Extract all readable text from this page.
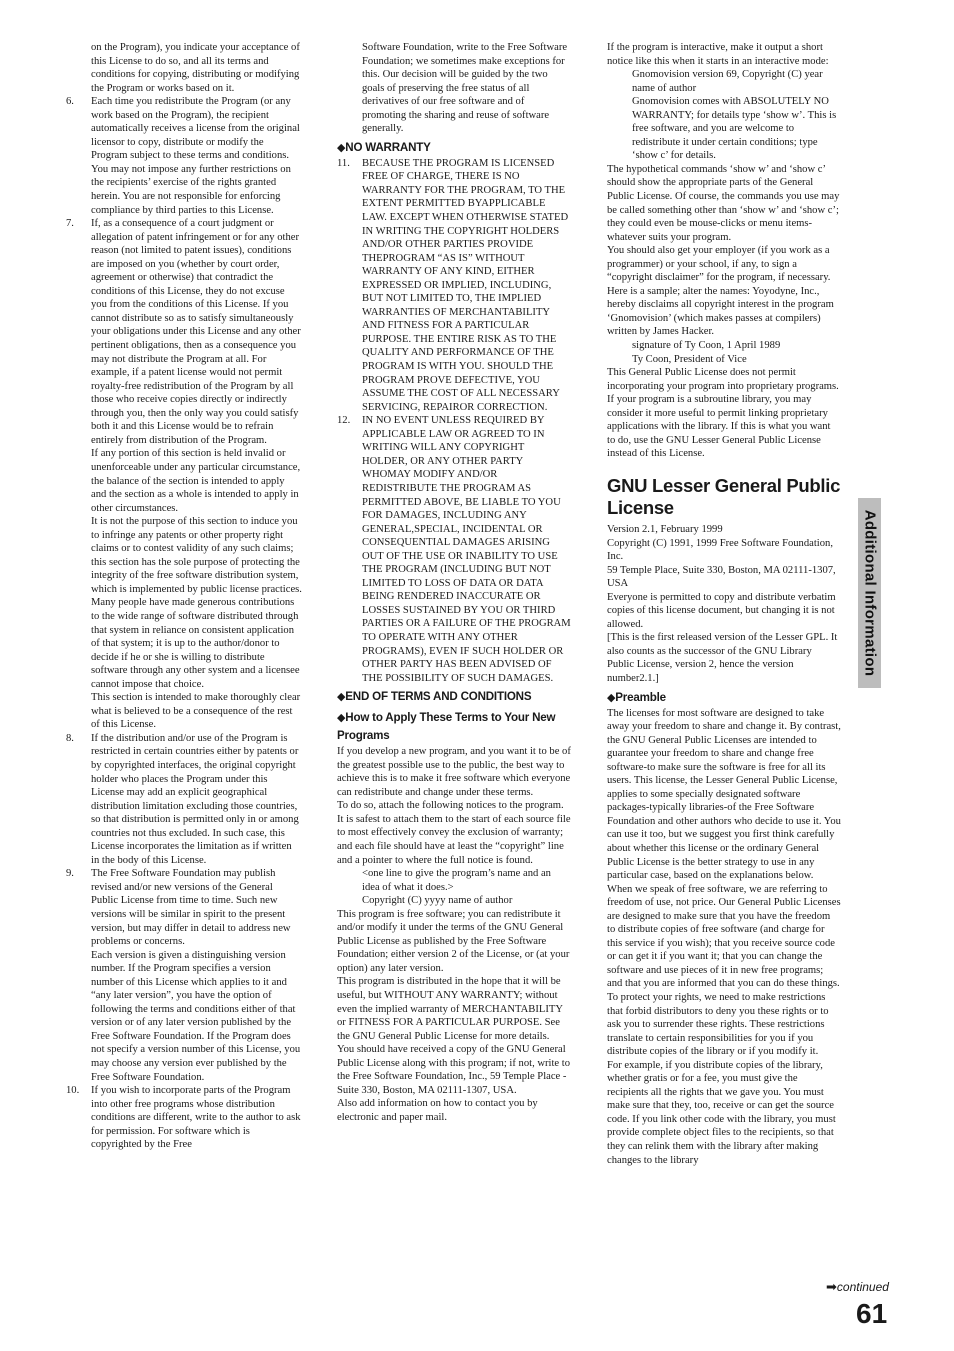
on the Program), you indicate your acceptance of this License to do so, and all its terms and conditions for copying, distributing or modifying the Program or works based on it.

6. Each time you redistribute the Program (or any work based on the Program), the recipient automatically receives a license from the original licensor to copy, distribute or modify the Program subject to these terms and conditions. You may not impose any further restrictions on the recipients’ exercise of the rights granted herein. You are not responsible for enforcing compliance by third parties to this License.
7. If, as a consequence of a court judgment or allegation of patent infringement or for any other reason (not limited to patent issues), conditions are imposed on you (whether by court order, agreement or otherwise) that contradict the conditions of this License, they do not excuse you from the conditions of this License. If you cannot distribute so as to satisfy simultaneously your obligations under this License and any other pertinent obligations, then as a consequence you may not distribute the Program at all. For example, if a patent license would not permit royalty-free redistribution of the Program by all those who receive copies directly or indirectly through you, then the only way you could satisfy both it and this License would be to refrain entirely from distribution of the Program.

If any portion of this section is held invalid or unenforceable under any particular circumstance, the balance of the section is intended to apply and the section as a whole is intended to apply in other circumstances.

It is not the purpose of this section to induce you to infringe any patents or other property right claims or to contest validity of any such claims; this section has the sole purpose of protecting the integrity of the free software distribution system, which is implemented by public license practices. Many people have made generous contributions to the wide range of software distributed through that system in reliance on consistent application of that system; it is up to the author/donor to decide if he or she is willing to distribute software through any other system and a licensee cannot impose that choice.

This section is intended to make thoroughly clear what is believed to be a consequence of the rest of this License.

8. If the distribution and/or use of the Program is restricted in certain countries either by patents or by copyrighted interfaces, the original copyright holder who places the Program under this License may add an explicit geographical distribution limitation excluding those countries, so that distribution is permitted only in or among countries not thus excluded. In such case, this License incorporates the limitation as if written in the body of this License.
9. The Free Software Foundation may publish revised and/or new versions of the General Public License from time to time. Such new versions will be similar in spirit to the present version, but may differ in detail to address new problems or concerns.

Each version is given a distinguishing version number. If the Program specifies a version number of this License which applies to it and “any later version”, you have the option of following the terms and conditions either of that version or of any later version published by the Free Software Foundation. If the Program does not specify a version number of this License, you may choose any version ever published by the Free Software Foundation.

10. If you wish to incorporate parts of the Program into other free programs whose distribution conditions are different, write to the author to ask for permission. For software which is copyrighted by the Free

Software Foundation, write to the Free Software Foundation; we sometimes make exceptions for this. Our decision will be guided by the two goals of preserving the free status of all derivatives of our free software and of promoting the sharing and reuse of software generally.

◆NO WARRANTY
11. BECAUSE THE PROGRAM IS LICENSED FREE OF CHARGE, THERE IS NO WARRANTY FOR THE PROGRAM, TO THE EXTENT PERMITTED BYAPPLICABLE LAW. EXCEPT WHEN OTHERWISE STATED IN WRITING THE COPYRIGHT HOLDERS AND/OR OTHER PARTIES PROVIDE THEPROGRAM “AS IS” WITHOUT WARRANTY OF ANY KIND, EITHER EXPRESSED OR IMPLIED, INCLUDING, BUT NOT LIMITED TO, THE IMPLIED WARRANTIES OF MERCHANTABILITY AND FITNESS FOR A PARTICULAR PURPOSE. THE ENTIRE RISK AS TO THE QUALITY AND PERFORMANCE OF THE PROGRAM IS WITH YOU. SHOULD THE PROGRAM PROVE DEFECTIVE, YOU ASSUME THE COST OF ALL NECESSARY SERVICING, REPAIROR CORRECTION.
12. IN NO EVENT UNLESS REQUIRED BY APPLICABLE LAW OR AGREED TO IN WRITING WILL ANY COPYRIGHT HOLDER, OR ANY OTHER PARTY WHOMAY MODIFY AND/OR REDISTRIBUTE THE PROGRAM AS PERMITTED ABOVE, BE LIABLE TO YOU FOR DAMAGES, INCLUDING ANY GENERAL,SPECIAL, INCIDENTAL OR CONSEQUENTIAL DAMAGES ARISING OUT OF THE USE OR INABILITY TO USE THE PROGRAM (INCLUDING BUT NOT LIMITED TO LOSS OF DATA OR DATA BEING RENDERED INACCURATE OR LOSSES SUSTAINED BY YOU OR THIRD PARTIES OR A FAILURE OF THE PROGRAM TO OPERATE WITH ANY OTHER PROGRAMS), EVEN IF SUCH HOLDER OR OTHER PARTY HAS BEEN ADVISED OF THE POSSIBILITY OF SUCH DAMAGES.
◆END OF TERMS AND CONDITIONS
◆How to Apply These Terms to Your New Programs

If you develop a new program, and you want it to be of the greatest possible use to the public, the best way to achieve this is to make it free software which everyone can redistribute and change under these terms.

To do so, attach the following notices to the program. It is safest to attach them to the start of each source file to most effectively convey the exclusion of warranty; and each file should have at least the “copyright” line and a pointer to where the full notice is found.

<one line to give the program’s name and an idea of what it does.>

Copyright (C) yyyy name of author

This program is free software; you can redistribute it and/or modify it under the terms of the GNU General Public License as published by the Free Software Foundation; either version 2 of the License, or (at your option) any later version.

This program is distributed in the hope that it will be useful, but WITHOUT ANY WARRANTY; without even the implied warranty of MERCHANTABILITY or FITNESS FOR A PARTICULAR PURPOSE. See the GNU General Public License for more details.

You should have received a copy of the GNU General Public License along with this program; if not, write to the Free Software Foundation, Inc., 59 Temple Place - Suite 330, Boston, MA 02111-1307, USA.

Also add information on how to contact you by electronic and paper mail.

If the program is interactive, make it output a short notice like this when it starts in an interactive mode:

Gnomovision version 69, Copyright (C) year name of author

Gnomovision comes with ABSOLUTELY NO WARRANTY; for details type ‘show w’. This is free software, and you are welcome to redistribute it under certain conditions; type ‘show c’ for details.

The hypothetical commands ‘show w’ and ‘show c’ should show the appropriate parts of the General Public License. Of course, the commands you use may be called something other than ‘show w’ and ‘show c’; they could even be mouse-clicks or menu items-whatever suits your program.

You should also get your employer (if you work as a programmer) or your school, if any, to sign a “copyright disclaimer” for the program, if necessary. Here is a sample; alter the names: Yoyodyne, Inc., hereby disclaims all copyright interest in the program ‘Gnomovision’ (which makes passes at compilers) written by James Hacker.

signature of Ty Coon, 1 April 1989

Ty Coon, President of Vice

This General Public License does not permit incorporating your program into proprietary programs. If your program is a subroutine library, you may consider it more useful to permit linking proprietary applications with the library. If this is what you want to do, use the GNU Lesser General Public License instead of this License.

GNU Lesser General Public License

Version 2.1, February 1999

Copyright (C) 1991, 1999 Free Software Foundation, Inc.

59 Temple Place, Suite 330, Boston, MA 02111-1307, USA

Everyone is permitted to copy and distribute verbatim copies of this license document, but changing it is not allowed.

[This is the first released version of the Lesser GPL. It also counts as the successor of the GNU Library Public License, version 2, hence the version number2.1.]

◆Preamble

The licenses for most software are designed to take away your freedom to share and change it. By contrast, the GNU General Public Licenses are intended to guarantee your freedom to share and change free software-to make sure the software is free for all its users. This license, the Lesser General Public License, applies to some specially designated software packages-typically libraries-of the Free Software Foundation and other authors who decide to use it. You can use it too, but we suggest you first think carefully about whether this license or the ordinary General Public License is the better strategy to use in any particular case, based on the explanations below.

When we speak of free software, we are referring to freedom of use, not price. Our General Public Licenses are designed to make sure that you have the freedom to distribute copies of free software (and charge for this service if you wish); that you receive source code or can get it if you want it; that you can change the software and use pieces of it in new free programs; and that you are informed that you can do these things.

To protect your rights, we need to make restrictions that forbid distributors to deny you these rights or to ask you to surrender these rights. These restrictions translate to certain responsibilities for you if you distribute copies of the library or if you modify it.

For example, if you distribute copies of the library, whether gratis or for a fee, you must give the recipients all the rights that we gave you. You must make sure that they, too, receive or can get the source code. If you link other code with the library, you must provide complete object files to the recipients, so that they can relink them with the library after making changes to the library

Additional Information
➡continued
61
